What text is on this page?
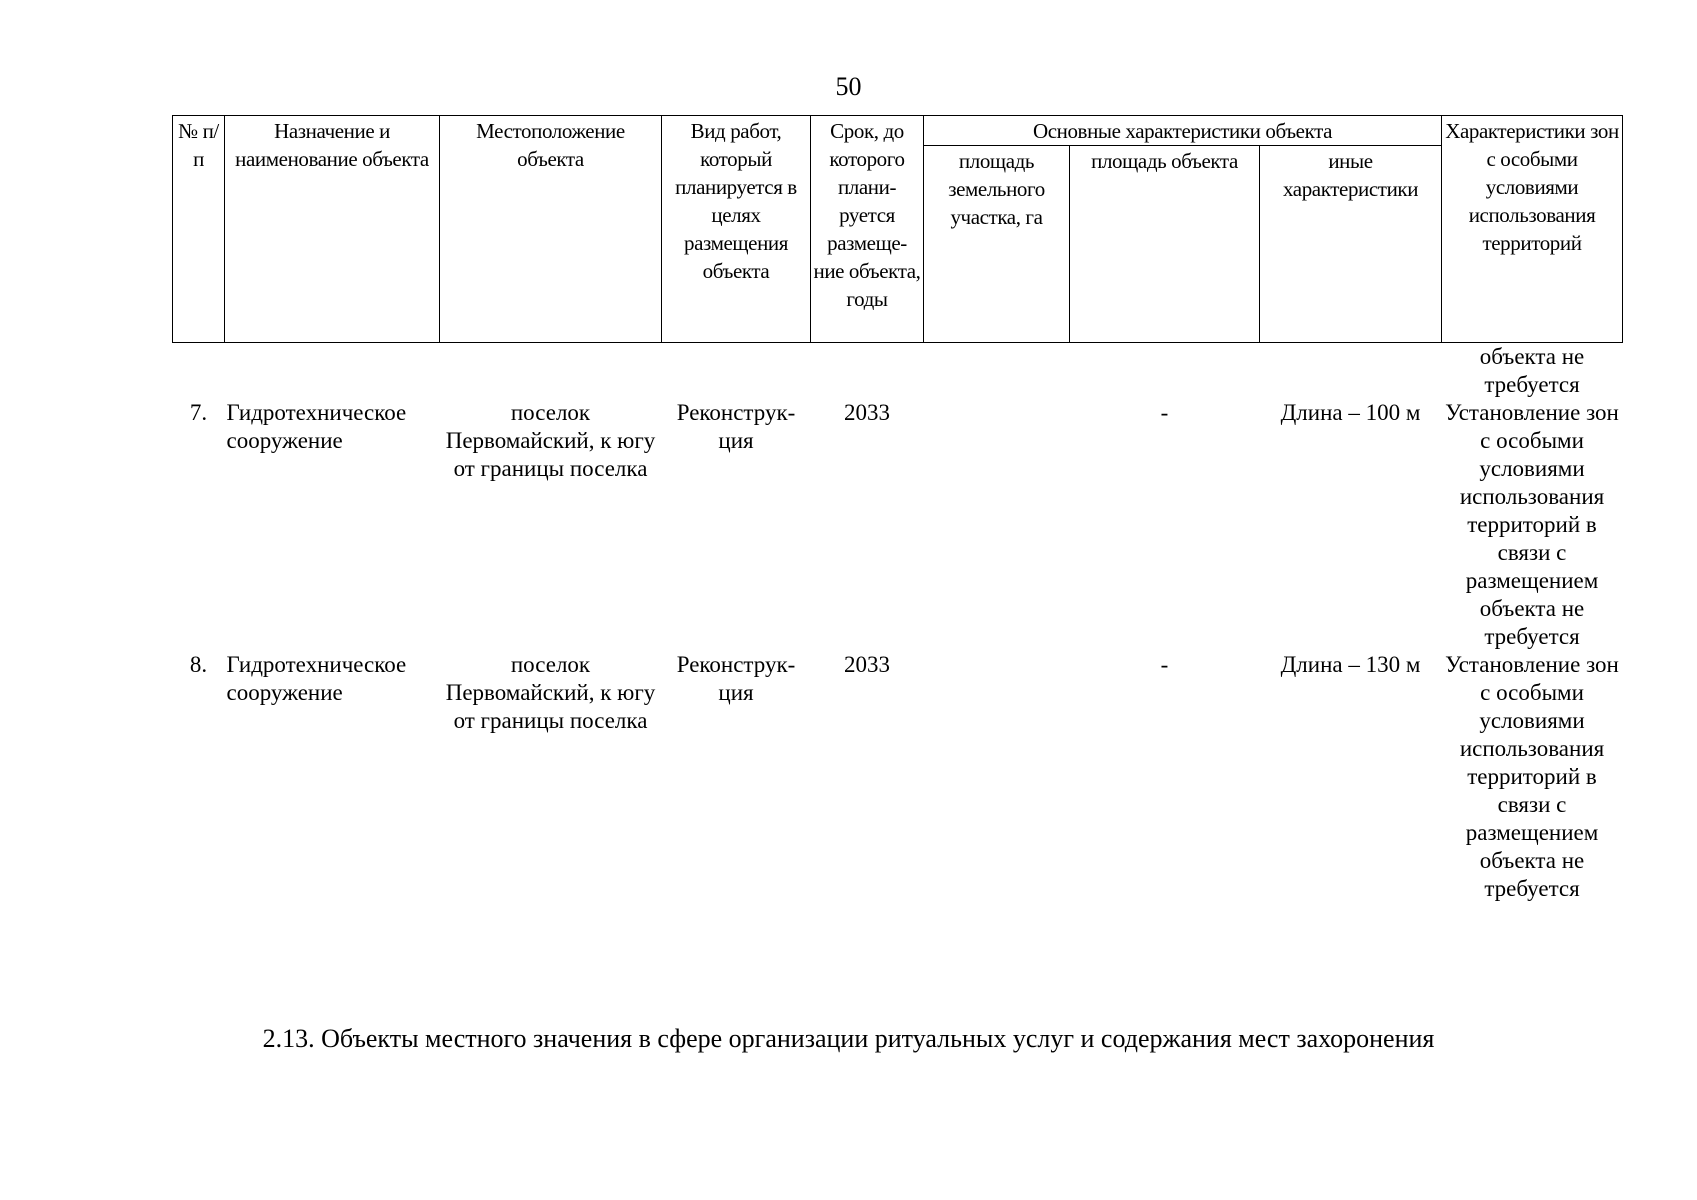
50
№ п/п	Назначение и наименование объекта	Местоположение объекта	Вид работ, который планируется в целях размещения объекта	Срок, до которого плани-руется размеще-ние объекта, годы	Основные характеристики объекта			Характеристики зон с особыми условиями использования территорий
					площадь земельного участка, га	площадь объекта	иные характеристики	
								объекта не требуется
7.	Гидротехническое сооружение	поселок Первомайский, к югу от границы поселка	Реконструк-ция	2033		-	Длина – 100 м	Установление зон с особыми условиями использования территорий в связи с размещением объекта не требуется
8.	Гидротехническое сооружение	поселок Первомайский, к югу от границы поселка	Реконструк-ция	2033		-	Длина – 130 м	Установление зон с особыми условиями использования территорий в связи с размещением объекта не требуется
2.13. Объекты местного значения в сфере организации ритуальных услуг и содержания мест захоронения
